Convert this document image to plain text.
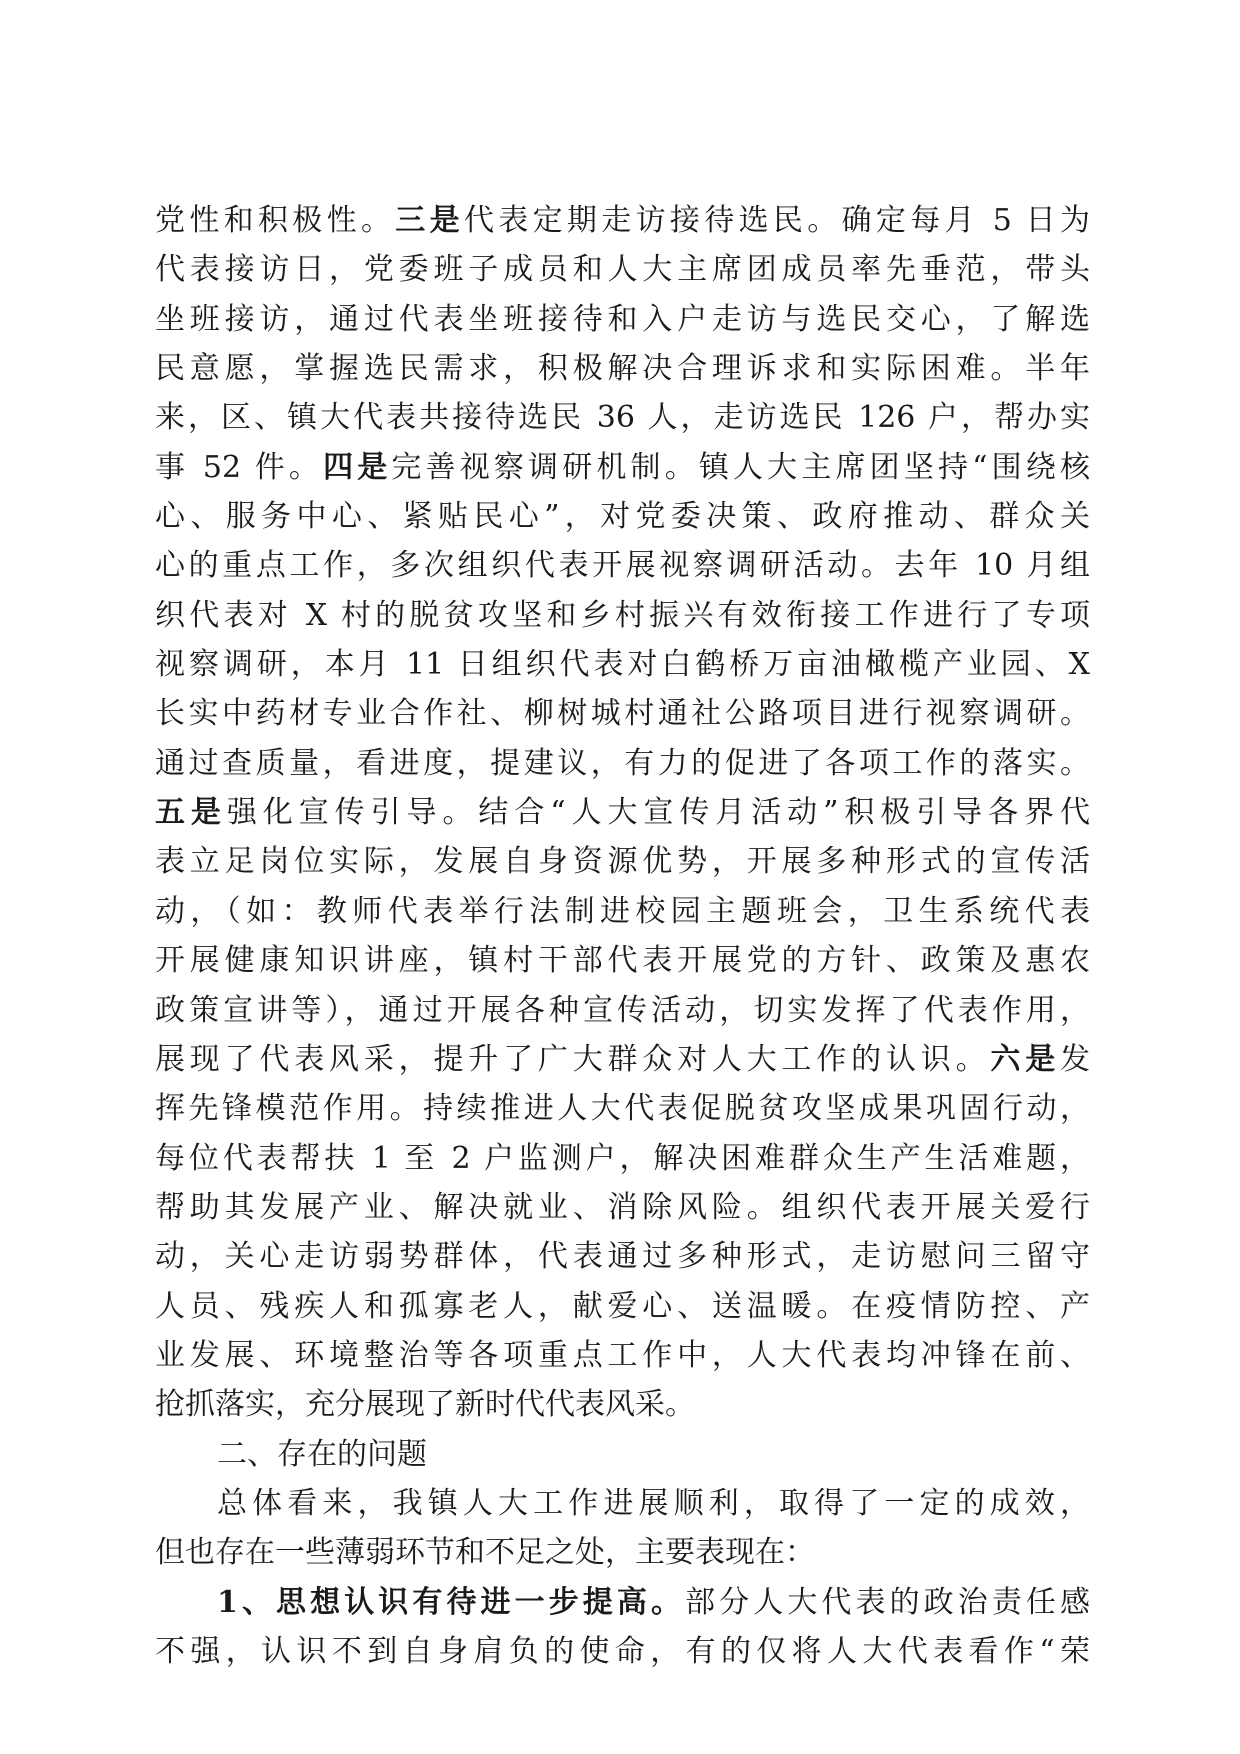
党性和积极性。三是代表定期走访接待选民。确定每月 5 日为
代表接访日，党委班子成员和人大主席团成员率先垂范，带头
坐班接访，通过代表坐班接待和入户走访与选民交心，了解选
民意愿，掌握选民需求，积极解决合理诉求和实际困难。半年
来，区、镇大代表共接待选民 36 人，走访选民 126 户，帮办实
事 52 件。四是完善视察调研机制。镇人大主席团坚持“围绕核
心、服务中心、紧贴民心”，对党委决策、政府推动、群众关
心的重点工作，多次组织代表开展视察调研活动。去年 10 月组
织代表对 X 村的脱贫攻坚和乡村振兴有效衔接工作进行了专项
视察调研，本月 11 日组织代表对白鹤桥万亩油橄榄产业园、X
长实中药材专业合作社、柳树城村通社公路项目进行视察调研。
通过查质量，看进度，提建议，有力的促进了各项工作的落实。
五是强化宣传引导。结合“人大宣传月活动”积极引导各界代
表立足岗位实际，发展自身资源优势，开展多种形式的宣传活
动，（如：教师代表举行法制进校园主题班会，卫生系统代表
开展健康知识讲座，镇村干部代表开展党的方针、政策及惠农
政策宣讲等），通过开展各种宣传活动，切实发挥了代表作用，
展现了代表风采，提升了广大群众对人大工作的认识。六是发
挥先锋模范作用。持续推进人大代表促脱贫攻坚成果巩固行动，
每位代表帮扶 1 至 2 户监测户，解决困难群众生产生活难题，
帮助其发展产业、解决就业、消除风险。组织代表开展关爱行
动，关心走访弱势群体，代表通过多种形式，走访慰问三留守
人员、残疾人和孤寡老人，献爱心、送温暖。在疫情防控、产
业发展、环境整治等各项重点工作中，人大代表均冲锋在前、
抢抓落实，充分展现了新时代代表风采。
二、存在的问题
总体看来，我镇人大工作进展顺利，取得了一定的成效，
但也存在一些薄弱环节和不足之处，主要表现在：
1、思想认识有待进一步提高。部分人大代表的政治责任感
不强，认识不到自身肩负的使命，有的仅将人大代表看作“荣
